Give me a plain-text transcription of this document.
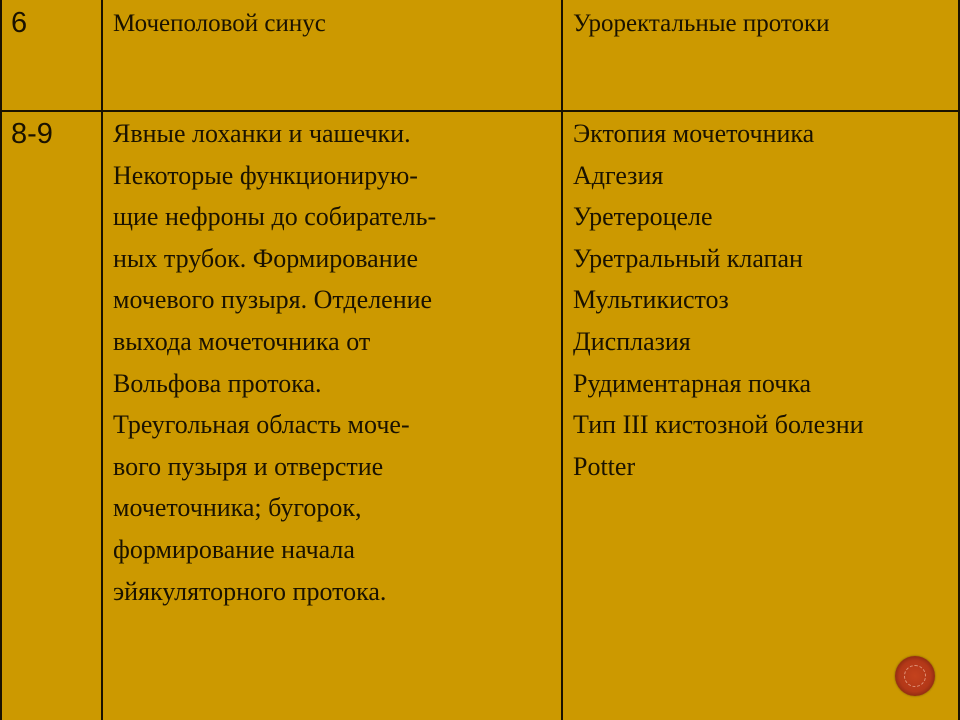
6	Мочеполовой синус	Уроректальные протоки
8-9 Явные лоханки и чашечки.
Некоторые функционирую-
щие нефроны до собиратель-
ных трубок. Формирование
мочевого пузыря. Отделение
выхода мочеточника от
Вольфова протока.
Треугольная область моче-
вого пузыря и отверстие
мочеточника; бугорок,
формирование начала
эйякуляторного протока.
Эктопия мочеточника
Адгезия
Уретероцеле
Уретральный клапан
Мультикистоз
Дисплазия
Рудиментарная почка
Тип III кистозной болезни
Potter
